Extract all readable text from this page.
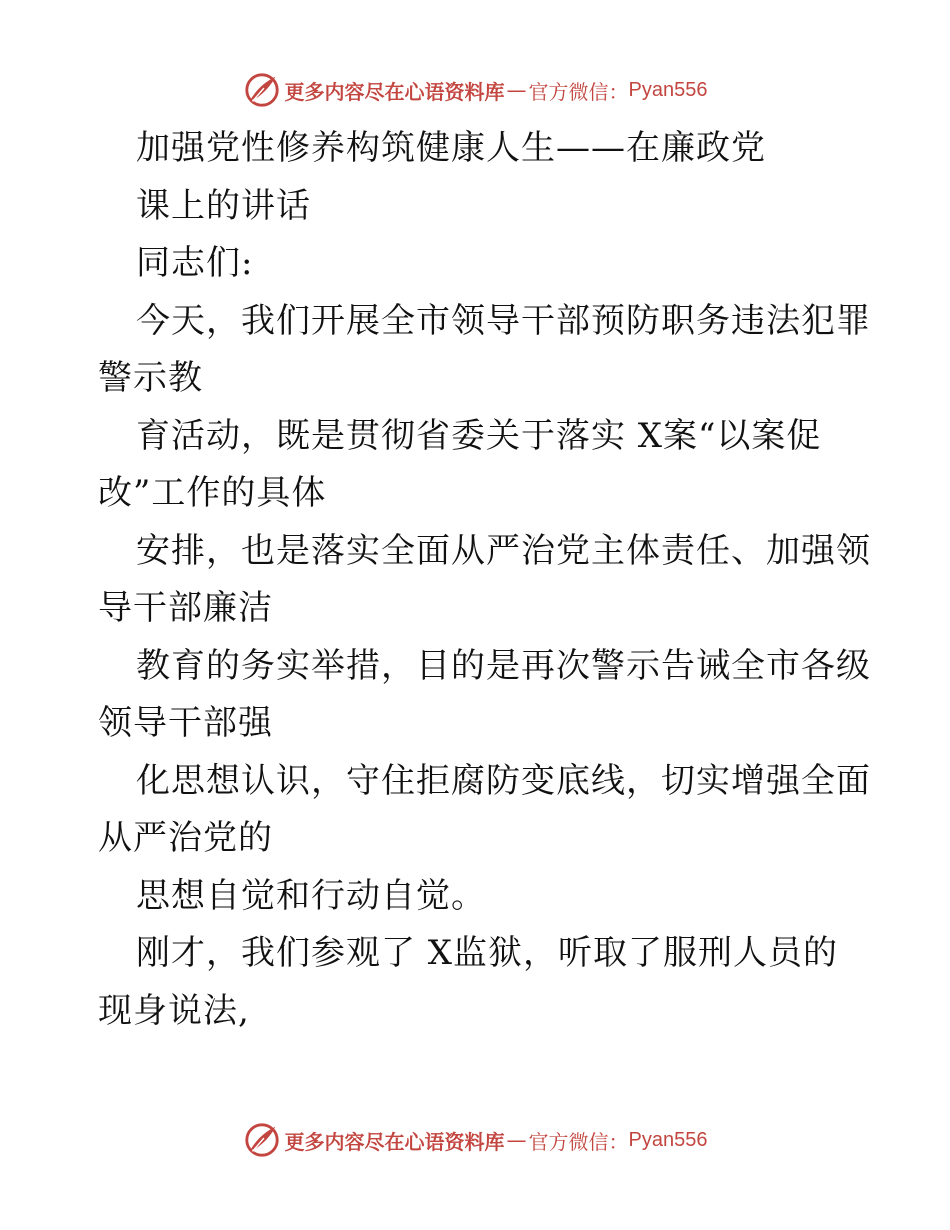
更多内容尽在心语资料库 — 官方微信： Pyan556
加强党性修养构筑健康人生——在廉政党
课上的讲话
同志们:
今天，我们开展全市领导干部预防职务违法犯罪
警示教
育活动，既是贯彻省委关于落实 X案“以案促
改”工作的具体
安排，也是落实全面从严治党主体责任、加强领
导干部廉洁
教育的务实举措，目的是再次警示告诫全市各级
领导干部强
化思想认识，守住拒腐防变底线，切实增强全面
从严治党的
思想自觉和行动自觉。
刚才，我们参观了 X监狱，听取了服刑人员的
现身说法,
更多内容尽在心语资料库 — 官方微信： Pyan556
